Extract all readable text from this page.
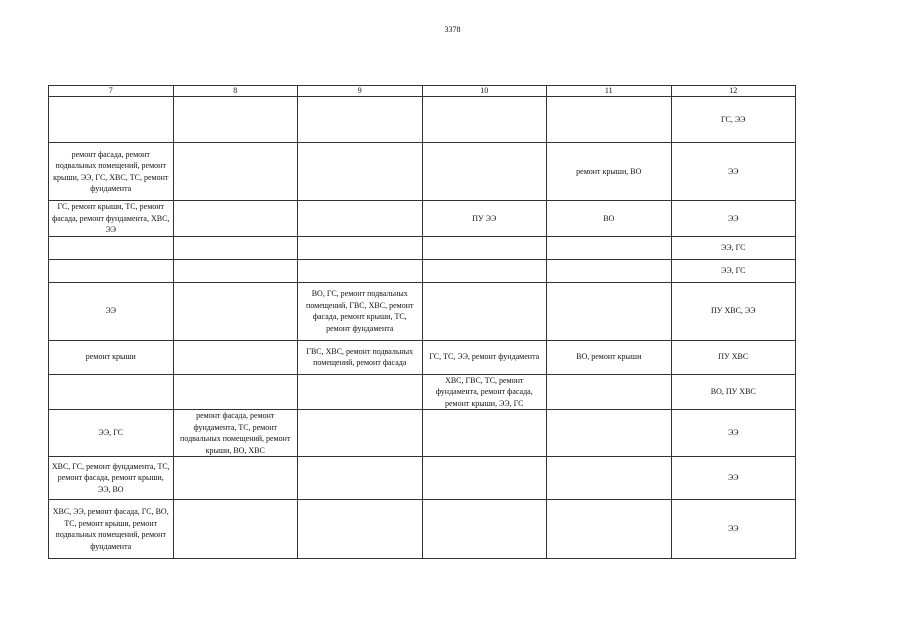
3378
7	8	9	10	11	12
					ГС, ЭЭ
ремонт фасада, ремонт подвальных помещений, ремонт крыши, ЭЭ, ГС, ХВС, ТС, ремонт фундамента				ремонт крыши, ВО	ЭЭ
ГС, ремонт крыши, ТС, ремонт фасада, ремонт фундамента, ХВС, ЭЭ			ПУ ЭЭ	ВО	ЭЭ
					ЭЭ, ГС
					ЭЭ, ГС
ЭЭ		ВО, ГС, ремонт подвальных помещений, ГВС, ХВС, ремонт фасада, ремонт крыши, ТС, ремонт фундамента			ПУ ХВС, ЭЭ
ремонт крыши		ГВС, ХВС, ремонт подвальных помещений, ремонт фасада	ГС, ТС, ЭЭ, ремонт фундамента	ВО, ремонт крыши	ПУ ХВС
			ХВС, ГВС, ТС, ремонт фундамента, ремонт фасада, ремонт крыши, ЭЭ, ГС		ВО, ПУ ХВС
ЭЭ, ГС	ремонт фасада, ремонт фундамента, ТС, ремонт подвальных помещений, ремонт крыши, ВО, ХВС				ЭЭ
ХВС, ГС, ремонт фундамента, ТС, ремонт фасада, ремонт крыши, ЭЭ, ВО					ЭЭ
ХВС, ЭЭ, ремонт фасада, ГС, ВО, ТС, ремонт крыши, ремонт подвальных помещений, ремонт фундамента					ЭЭ
